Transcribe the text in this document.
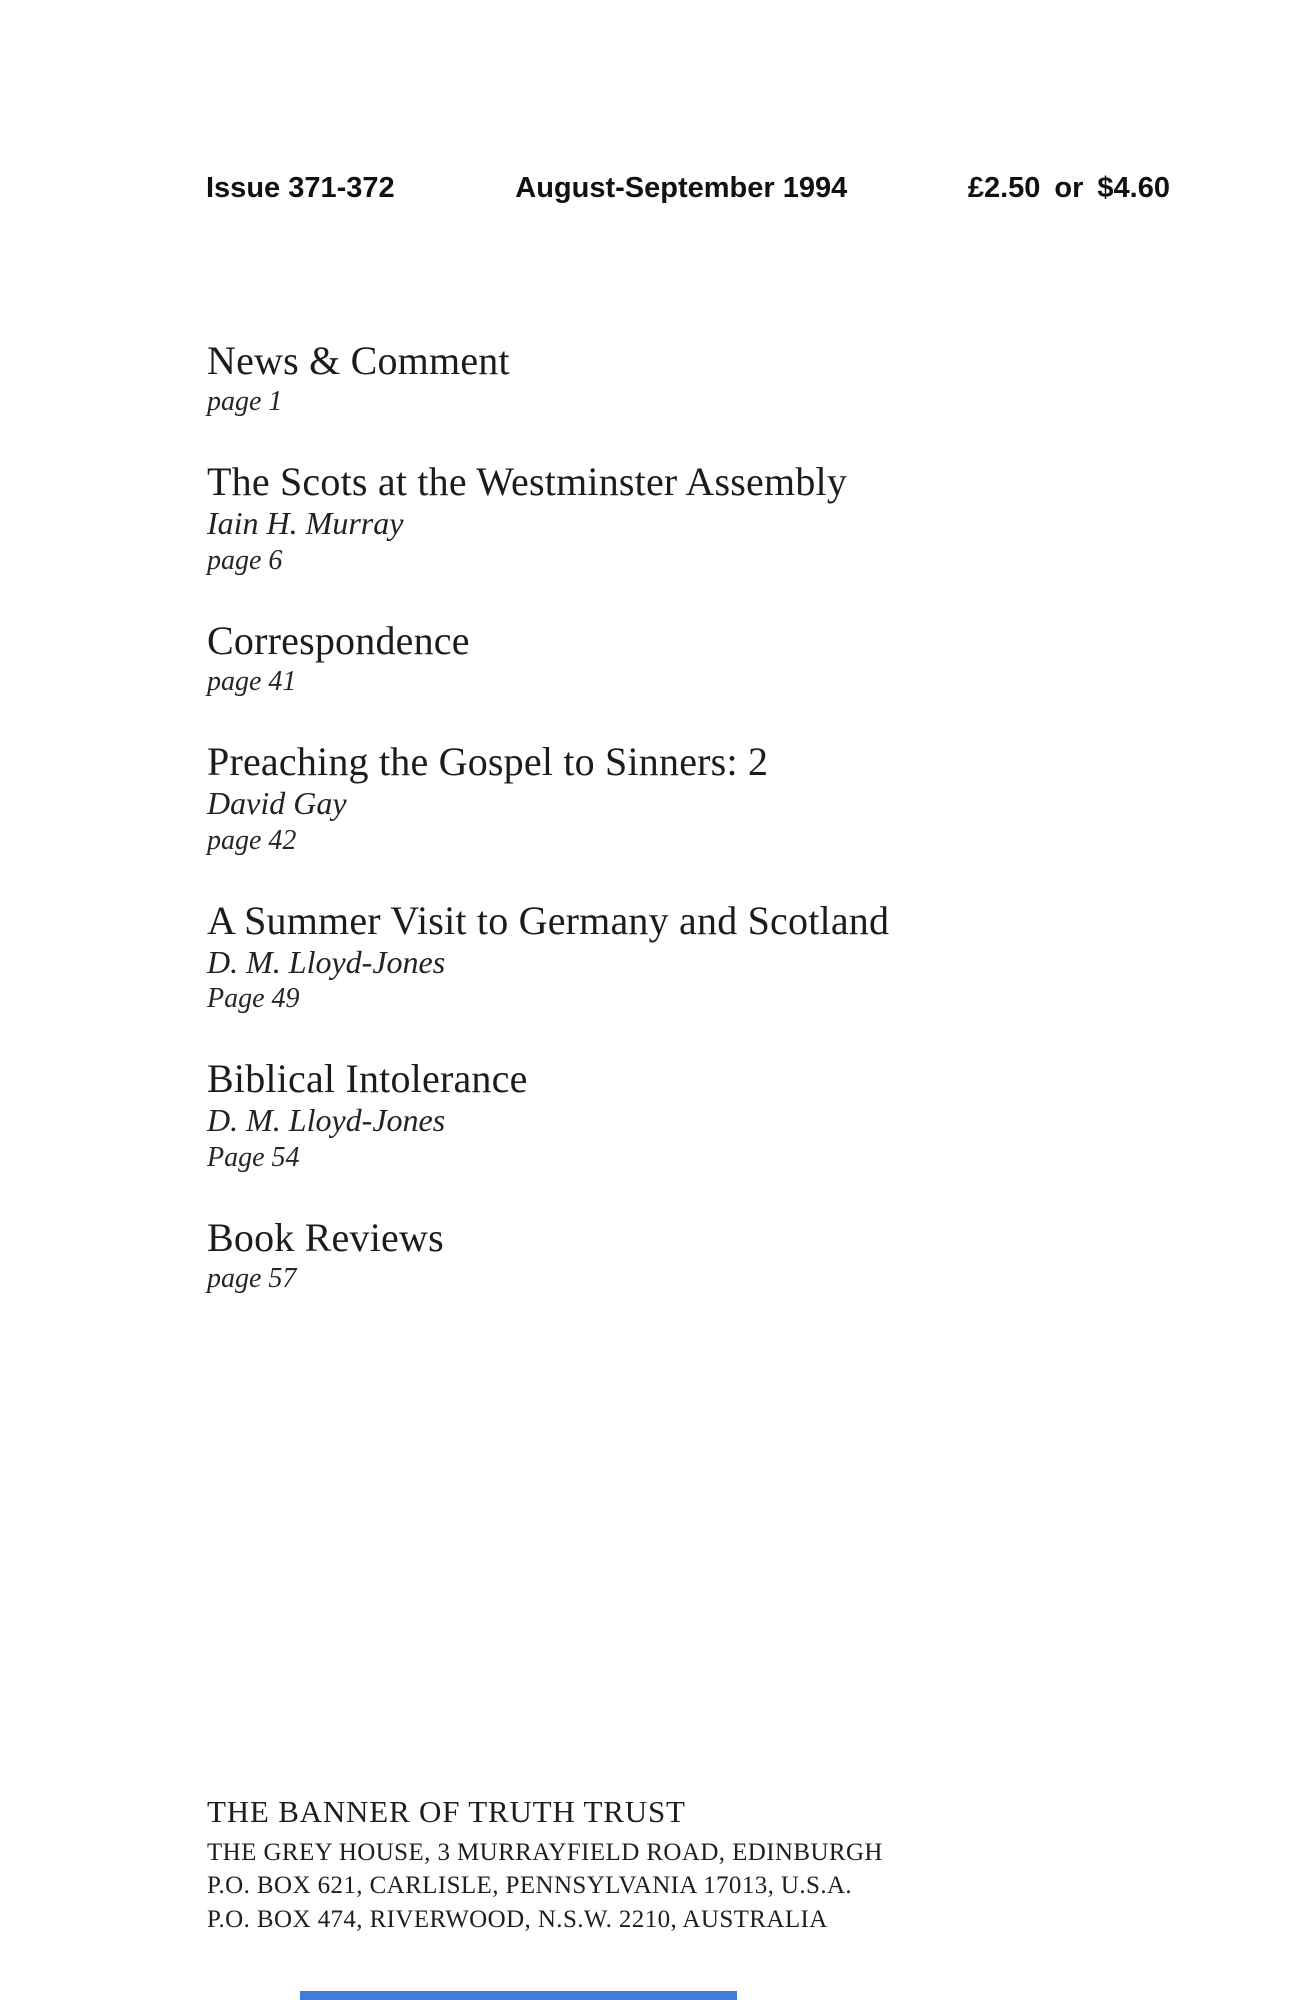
Issue 371-372	August-September 1994	£2.50 or $4.60
News & Comment
page 1
The Scots at the Westminster Assembly
Iain H. Murray
page 6
Correspondence
page 41
Preaching the Gospel to Sinners: 2
David Gay
page 42
A Summer Visit to Germany and Scotland
D. M. Lloyd-Jones
Page 49
Biblical Intolerance
D. M. Lloyd-Jones
Page 54
Book Reviews
page 57
THE BANNER OF TRUTH TRUST
THE GREY HOUSE, 3 MURRAYFIELD ROAD, EDINBURGH
P.O. BOX 621, CARLISLE, PENNSYLVANIA 17013, U.S.A.
P.O. BOX 474, RIVERWOOD, N.S.W. 2210, AUSTRALIA
